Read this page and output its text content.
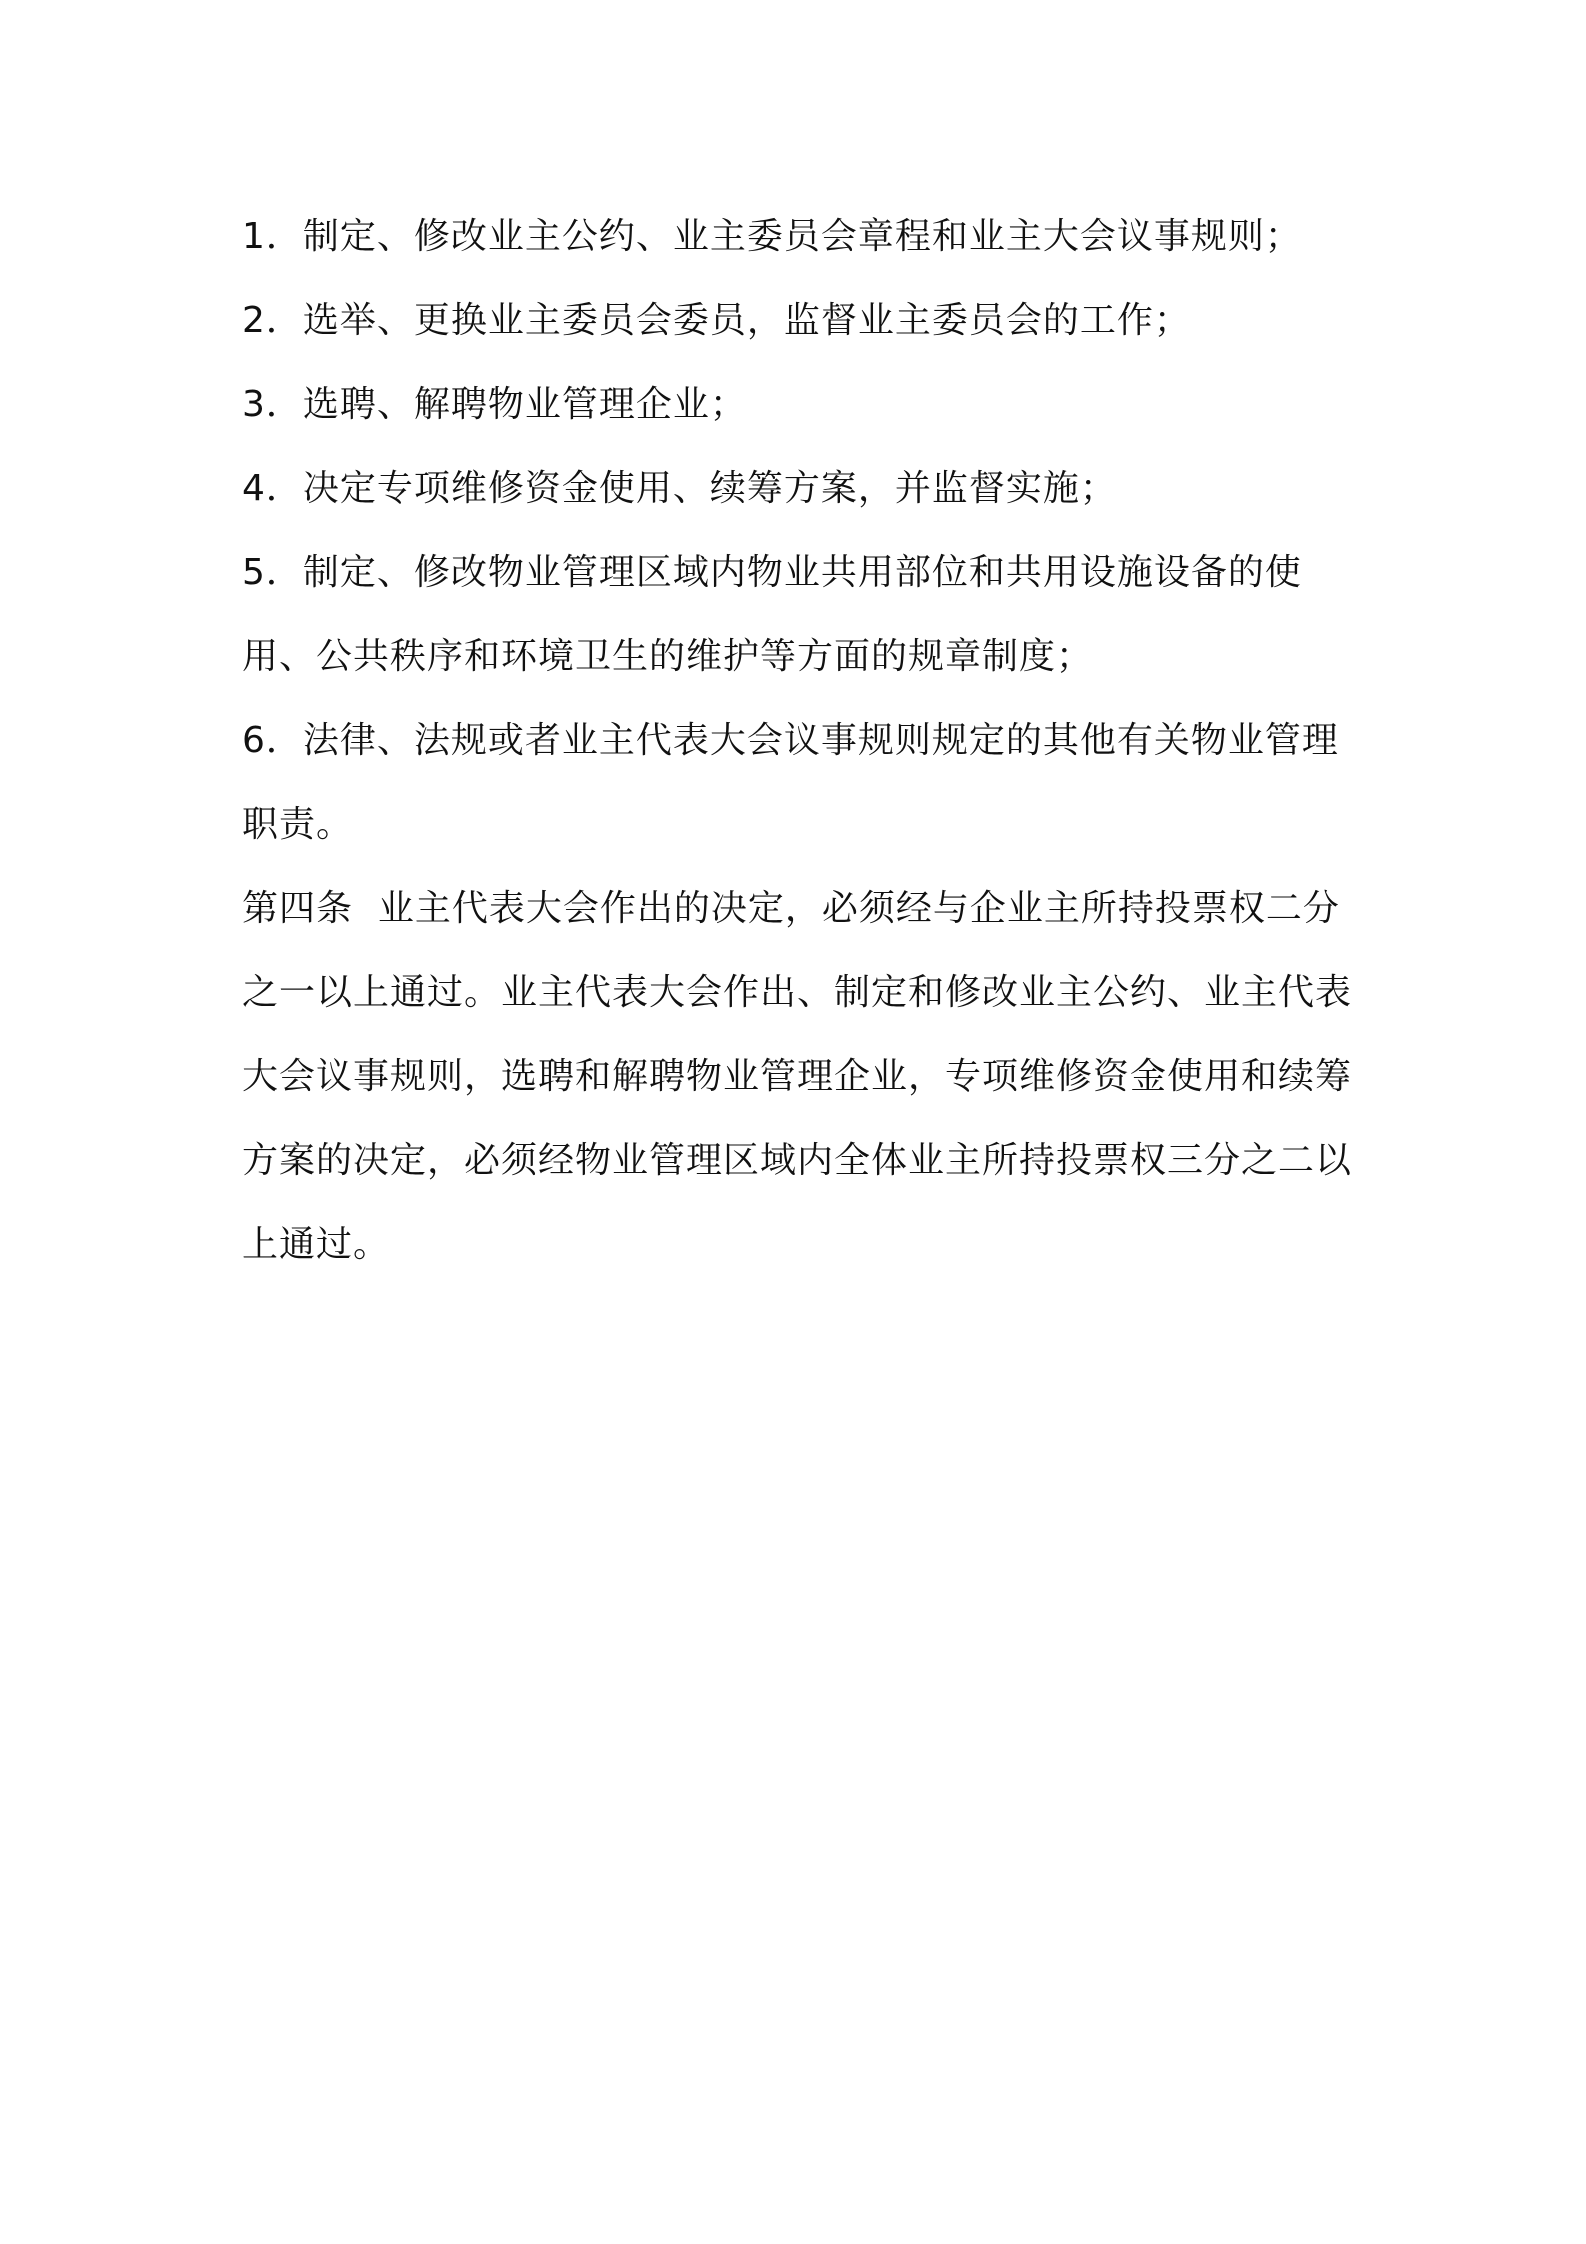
1．制定、修改业主公约、业主委员会章程和业主大会议事规则；

2．选举、更换业主委员会委员，监督业主委员会的工作；

3．选聘、解聘物业管理企业；

4．决定专项维修资金使用、续筹方案，并监督实施；

5．制定、修改物业管理区域内物业共用部位和共用设施设备的使用、公共秩序和环境卫生的维护等方面的规章制度；

6．法律、法规或者业主代表大会议事规则规定的其他有关物业管理职责。

第四条  业主代表大会作出的决定，必须经与企业主所持投票权二分之一以上通过。业主代表大会作出、制定和修改业主公约、业主代表大会议事规则，选聘和解聘物业管理企业，专项维修资金使用和续筹方案的决定，必须经物业管理区域内全体业主所持投票权三分之二以上通过。
